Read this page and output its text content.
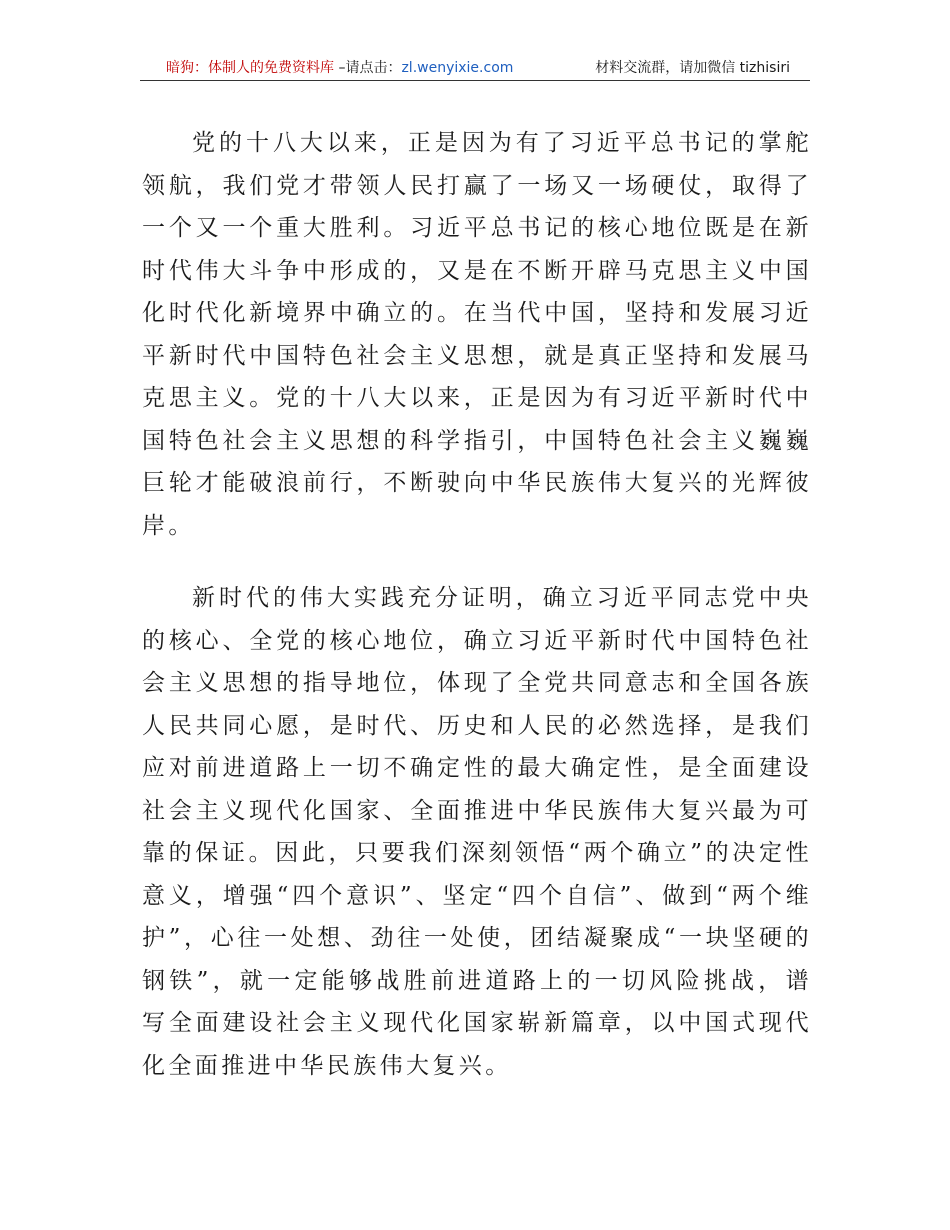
暗狗：体制人的免费资料库 –请点击：zl.wenyixie.com	材料交流群，请加微信 tizhisiri

党的十八大以来，正是因为有了习近平总书记的掌舵领航，我们党才带领人民打赢了一场又一场硬仗，取得了一个又一个重大胜利。习近平总书记的核心地位既是在新时代伟大斗争中形成的，又是在不断开辟马克思主义中国化时代化新境界中确立的。在当代中国，坚持和发展习近平新时代中国特色社会主义思想，就是真正坚持和发展马克思主义。党的十八大以来，正是因为有习近平新时代中国特色社会主义思想的科学指引，中国特色社会主义巍巍巨轮才能破浪前行，不断驶向中华民族伟大复兴的光辉彼岸。

新时代的伟大实践充分证明，确立习近平同志党中央的核心、全党的核心地位，确立习近平新时代中国特色社会主义思想的指导地位，体现了全党共同意志和全国各族人民共同心愿，是时代、历史和人民的必然选择，是我们应对前进道路上一切不确定性的最大确定性，是全面建设社会主义现代化国家、全面推进中华民族伟大复兴最为可靠的保证。因此，只要我们深刻领悟“两个确立”的决定性意义，增强“四个意识”、坚定“四个自信”、做到“两个维护”，心往一处想、劲往一处使，团结凝聚成“一块坚硬的钢铁”，就一定能够战胜前进道路上的一切风险挑战，谱写全面建设社会主义现代化国家崭新篇章，以中国式现代化全面推进中华民族伟大复兴。
